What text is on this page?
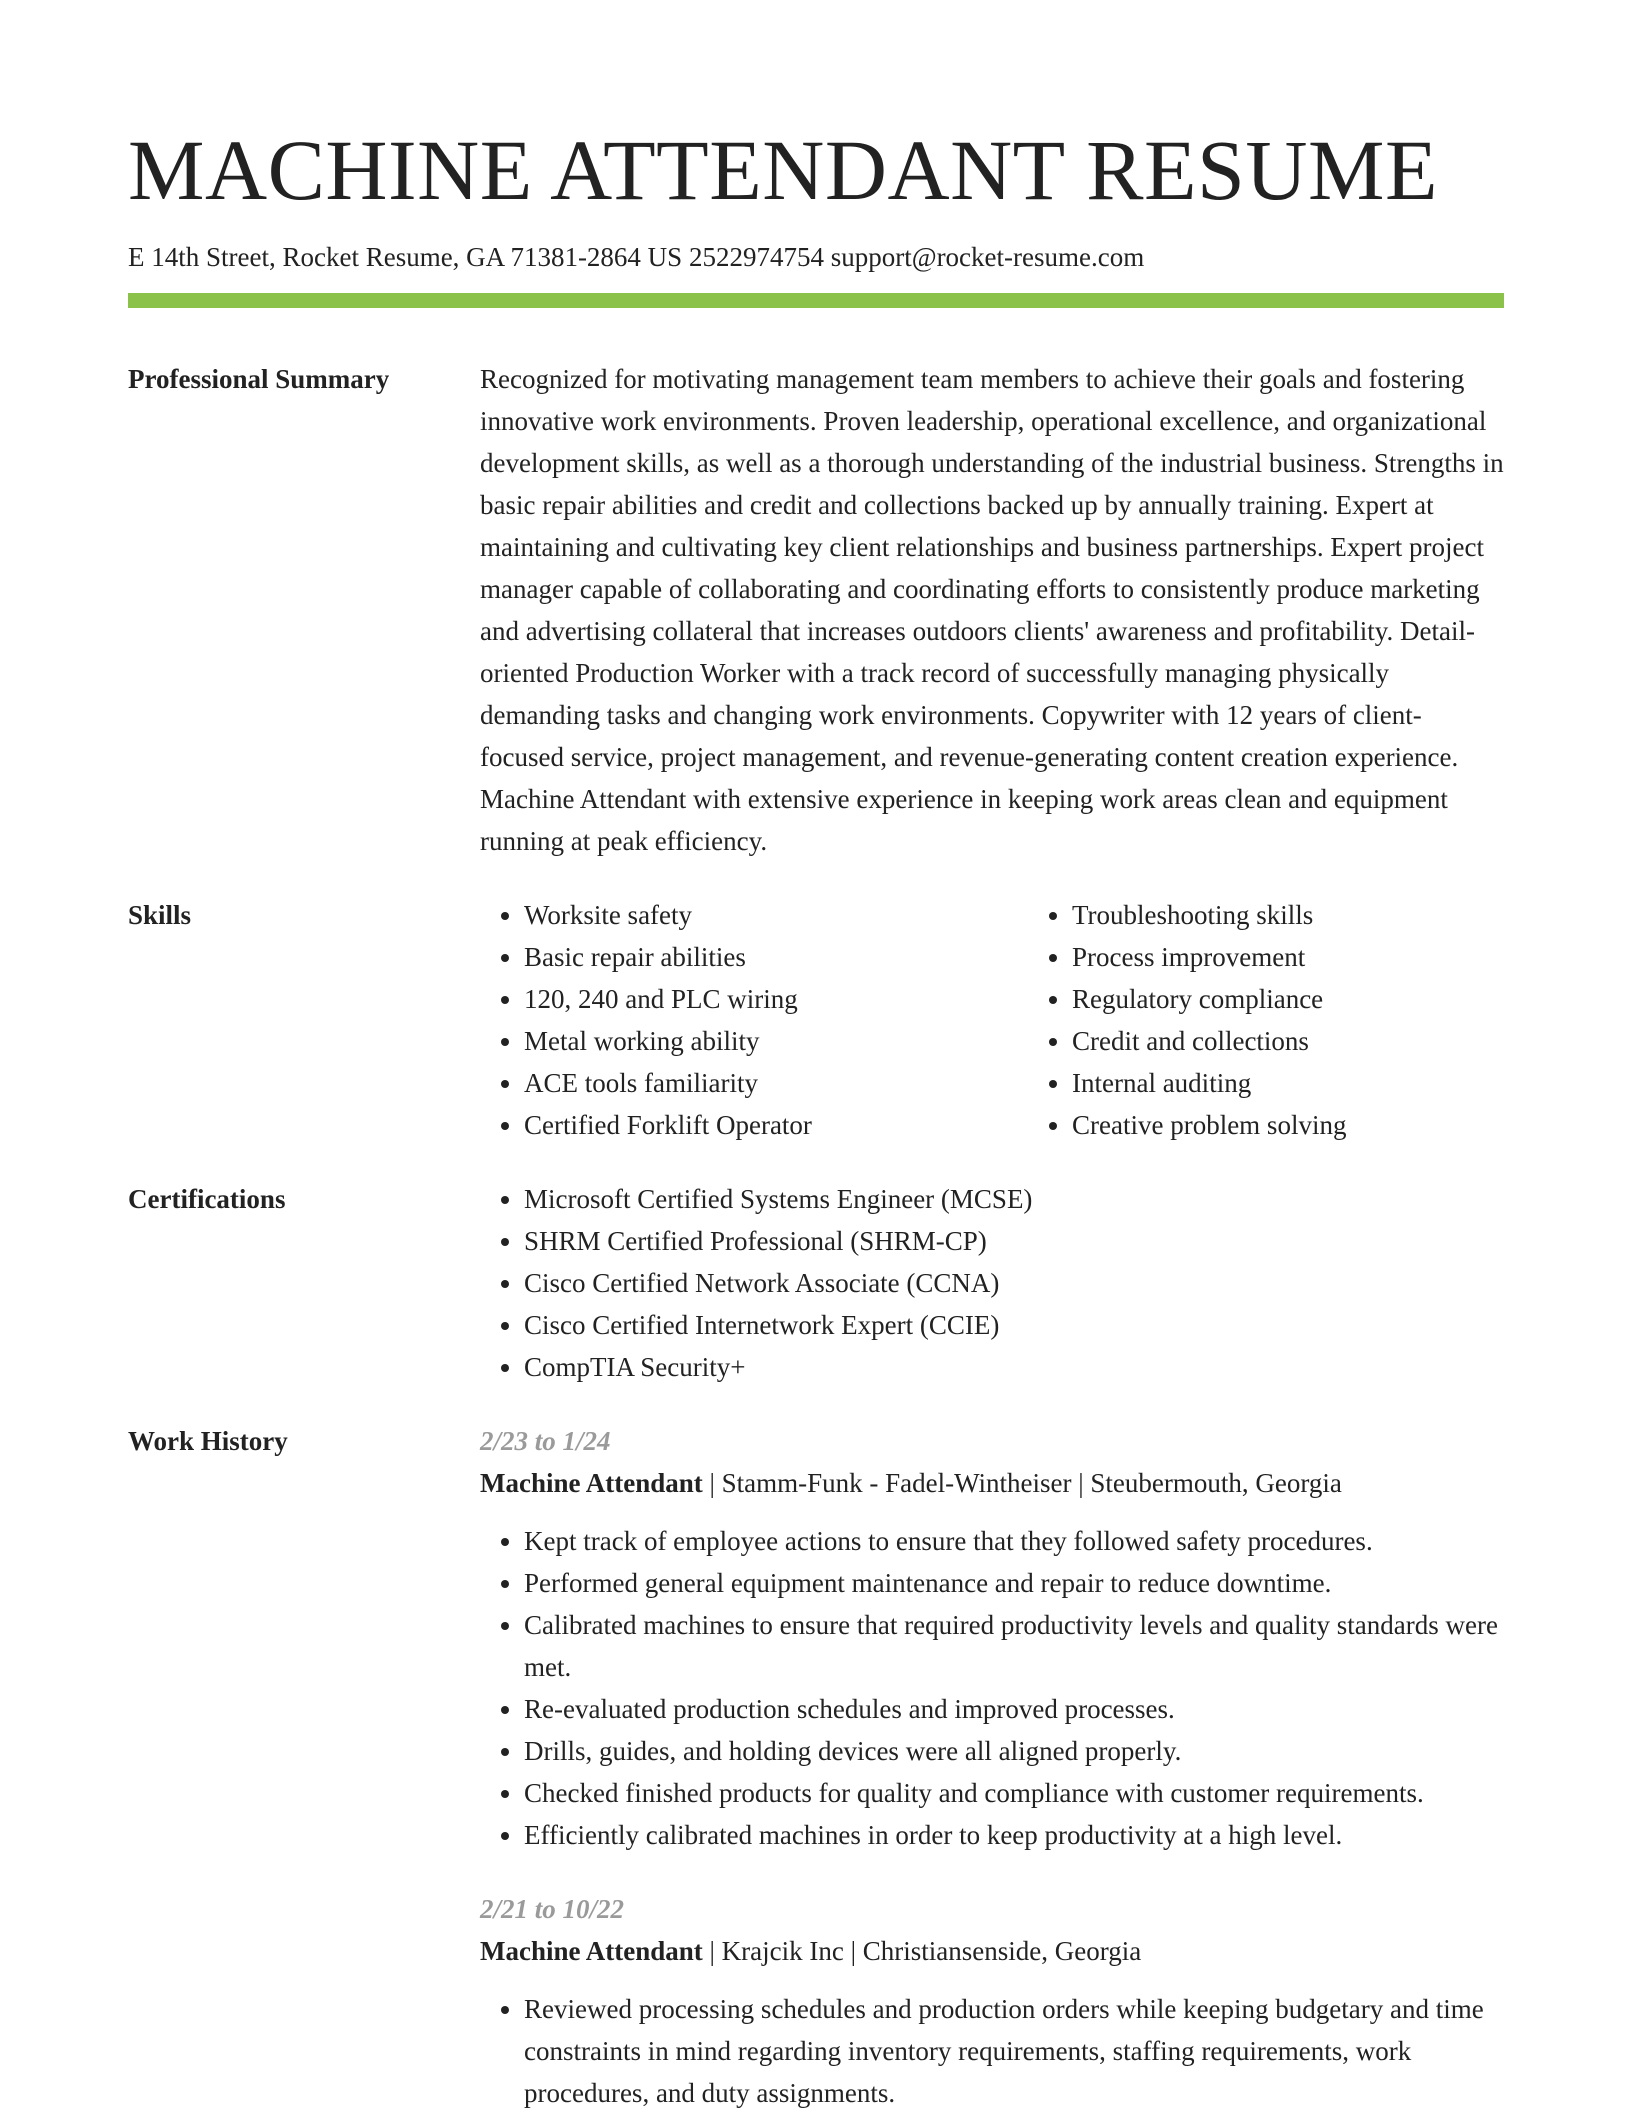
MACHINE ATTENDANT RESUME
E 14th Street, Rocket Resume, GA 71381-2864 US 2522974754 support@rocket-resume.com
Professional Summary	Recognized for motivating management team members to achieve their goals and fostering innovative work environments. Proven leadership, operational excellence, and organizational development skills, as well as a thorough understanding of the industrial business. Strengths in basic repair abilities and credit and collections backed up by annually training. Expert at maintaining and cultivating key client relationships and business partnerships. Expert project manager capable of collaborating and coordinating efforts to consistently produce marketing and advertising collateral that increases outdoors clients' awareness and profitability. Detail-oriented Production Worker with a track record of successfully managing physically demanding tasks and changing work environments. Copywriter with 12 years of client-focused service, project management, and revenue-generating content creation experience. Machine Attendant with extensive experience in keeping work areas clean and equipment running at peak efficiency.

Skills	• Worksite safety
• Basic repair abilities
• 120, 240 and PLC wiring
• Metal working ability
• ACE tools familiarity
• Certified Forklift Operator
• Troubleshooting skills
• Process improvement
• Regulatory compliance
• Credit and collections
• Internal auditing
• Creative problem solving
Certifications	• Microsoft Certified Systems Engineer (MCSE)
• SHRM Certified Professional (SHRM-CP)
• Cisco Certified Network Associate (CCNA)
• Cisco Certified Internetwork Expert (CCIE)
• CompTIA Security+
Work History	2/23 to 1/24
Machine Attendant | Stamm-Funk - Fadel-Wintheiser | Steubermouth, Georgia
• Kept track of employee actions to ensure that they followed safety procedures.
• Performed general equipment maintenance and repair to reduce downtime.
• Calibrated machines to ensure that required productivity levels and quality standards were met.
• Re-evaluated production schedules and improved processes.
• Drills, guides, and holding devices were all aligned properly.
• Checked finished products for quality and compliance with customer requirements.
• Efficiently calibrated machines in order to keep productivity at a high level.
2/21 to 10/22
Machine Attendant | Krajcik Inc | Christiansenside, Georgia
• Reviewed processing schedules and production orders while keeping budgetary and time constraints in mind regarding inventory requirements, staffing requirements, work procedures, and duty assignments.
